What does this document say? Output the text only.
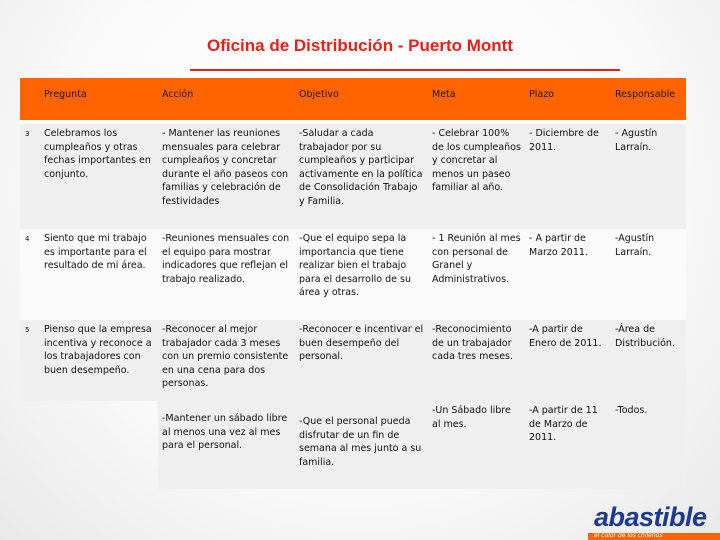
Oficina de Distribución - Puerto Montt
	Pregunta	Acción	Objetivo	Meta	Plazo	Responsable
3	Celebramos los cumpleaños y otras fechas importantes en conjunto.	- Mantener las reuniones mensuales para celebrar cumpleaños y concretar durante el año paseos con familias y celebración de festividades	-Saludar a cada trabajador por su cumpleaños y participar activamente en la política de Consolidación Trabajo y Familia.	- Celebrar 100% de los cumpleaños y concretar al menos un paseo familiar al año.	- Diciembre de 2011.	- Agustín Larraín.
4	Siento que mi trabajo es importante para el resultado de mi área.	-Reuniones mensuales con el equipo para mostrar indicadores que reflejan el trabajo realizado.	-Que el equipo sepa la importancia que tiene realizar bien el trabajo para el desarrollo de su área y otras.	- 1 Reunión al mes con personal de Granel y Administrativos.	- A partir de Marzo 2011.	-Agustín Larraín.
5	Pienso que la empresa incentiva y reconoce a los trabajadores con buen desempeño.	-Reconocer al mejor trabajador cada 3 meses con un premio consistente en una cena para dos personas.	-Reconocer e incentivar el buen desempeño del personal.	-Reconocimiento de un trabajador cada tres meses.	-A partir de Enero de 2011.	-Área de Distribución.
		-Mantener un sábado libre al menos una vez al mes para el personal.	-Que el personal pueda disfrutar de un fin de semana al mes junto a su familia.	-Un Sábado libre al mes.	-A partir de 11 de Marzo de 2011.	-Todos.
abastible
el calor de los chilenos
